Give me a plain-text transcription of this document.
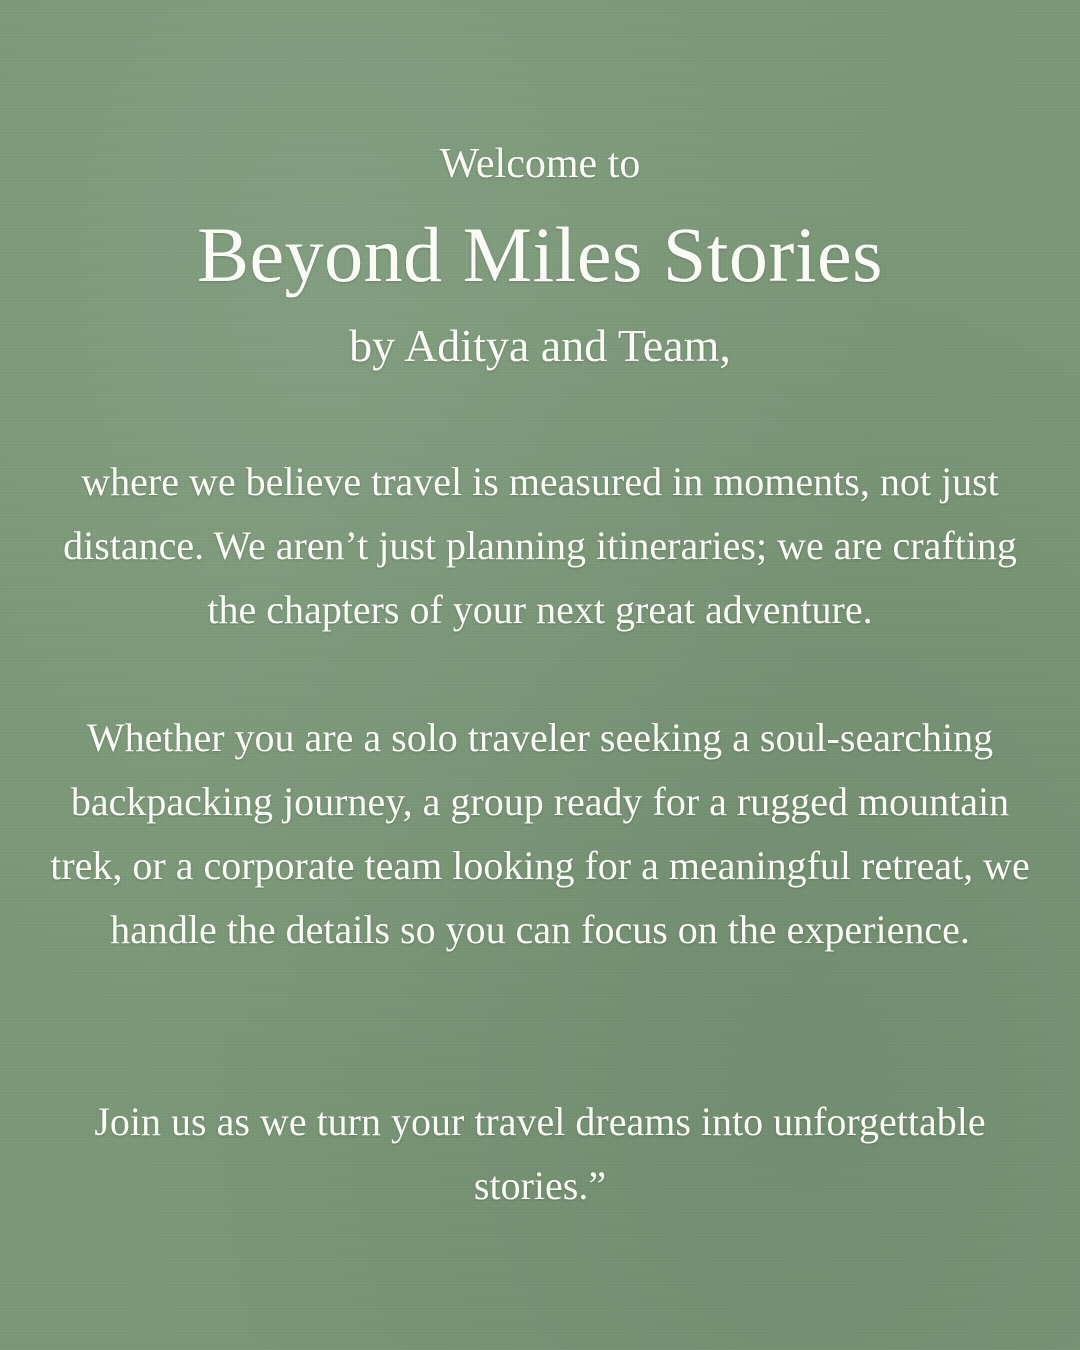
Welcome to

Beyond Miles Stories

by Aditya and Team,

where we believe travel is measured in moments, not just distance. We aren’t just planning itineraries; we are crafting the chapters of your next great adventure.

Whether you are a solo traveler seeking a soul-searching backpacking journey, a group ready for a rugged mountain trek, or a corporate team looking for a meaningful retreat, we handle the details so you can focus on the experience.

Join us as we turn your travel dreams into unforgettable stories.”
